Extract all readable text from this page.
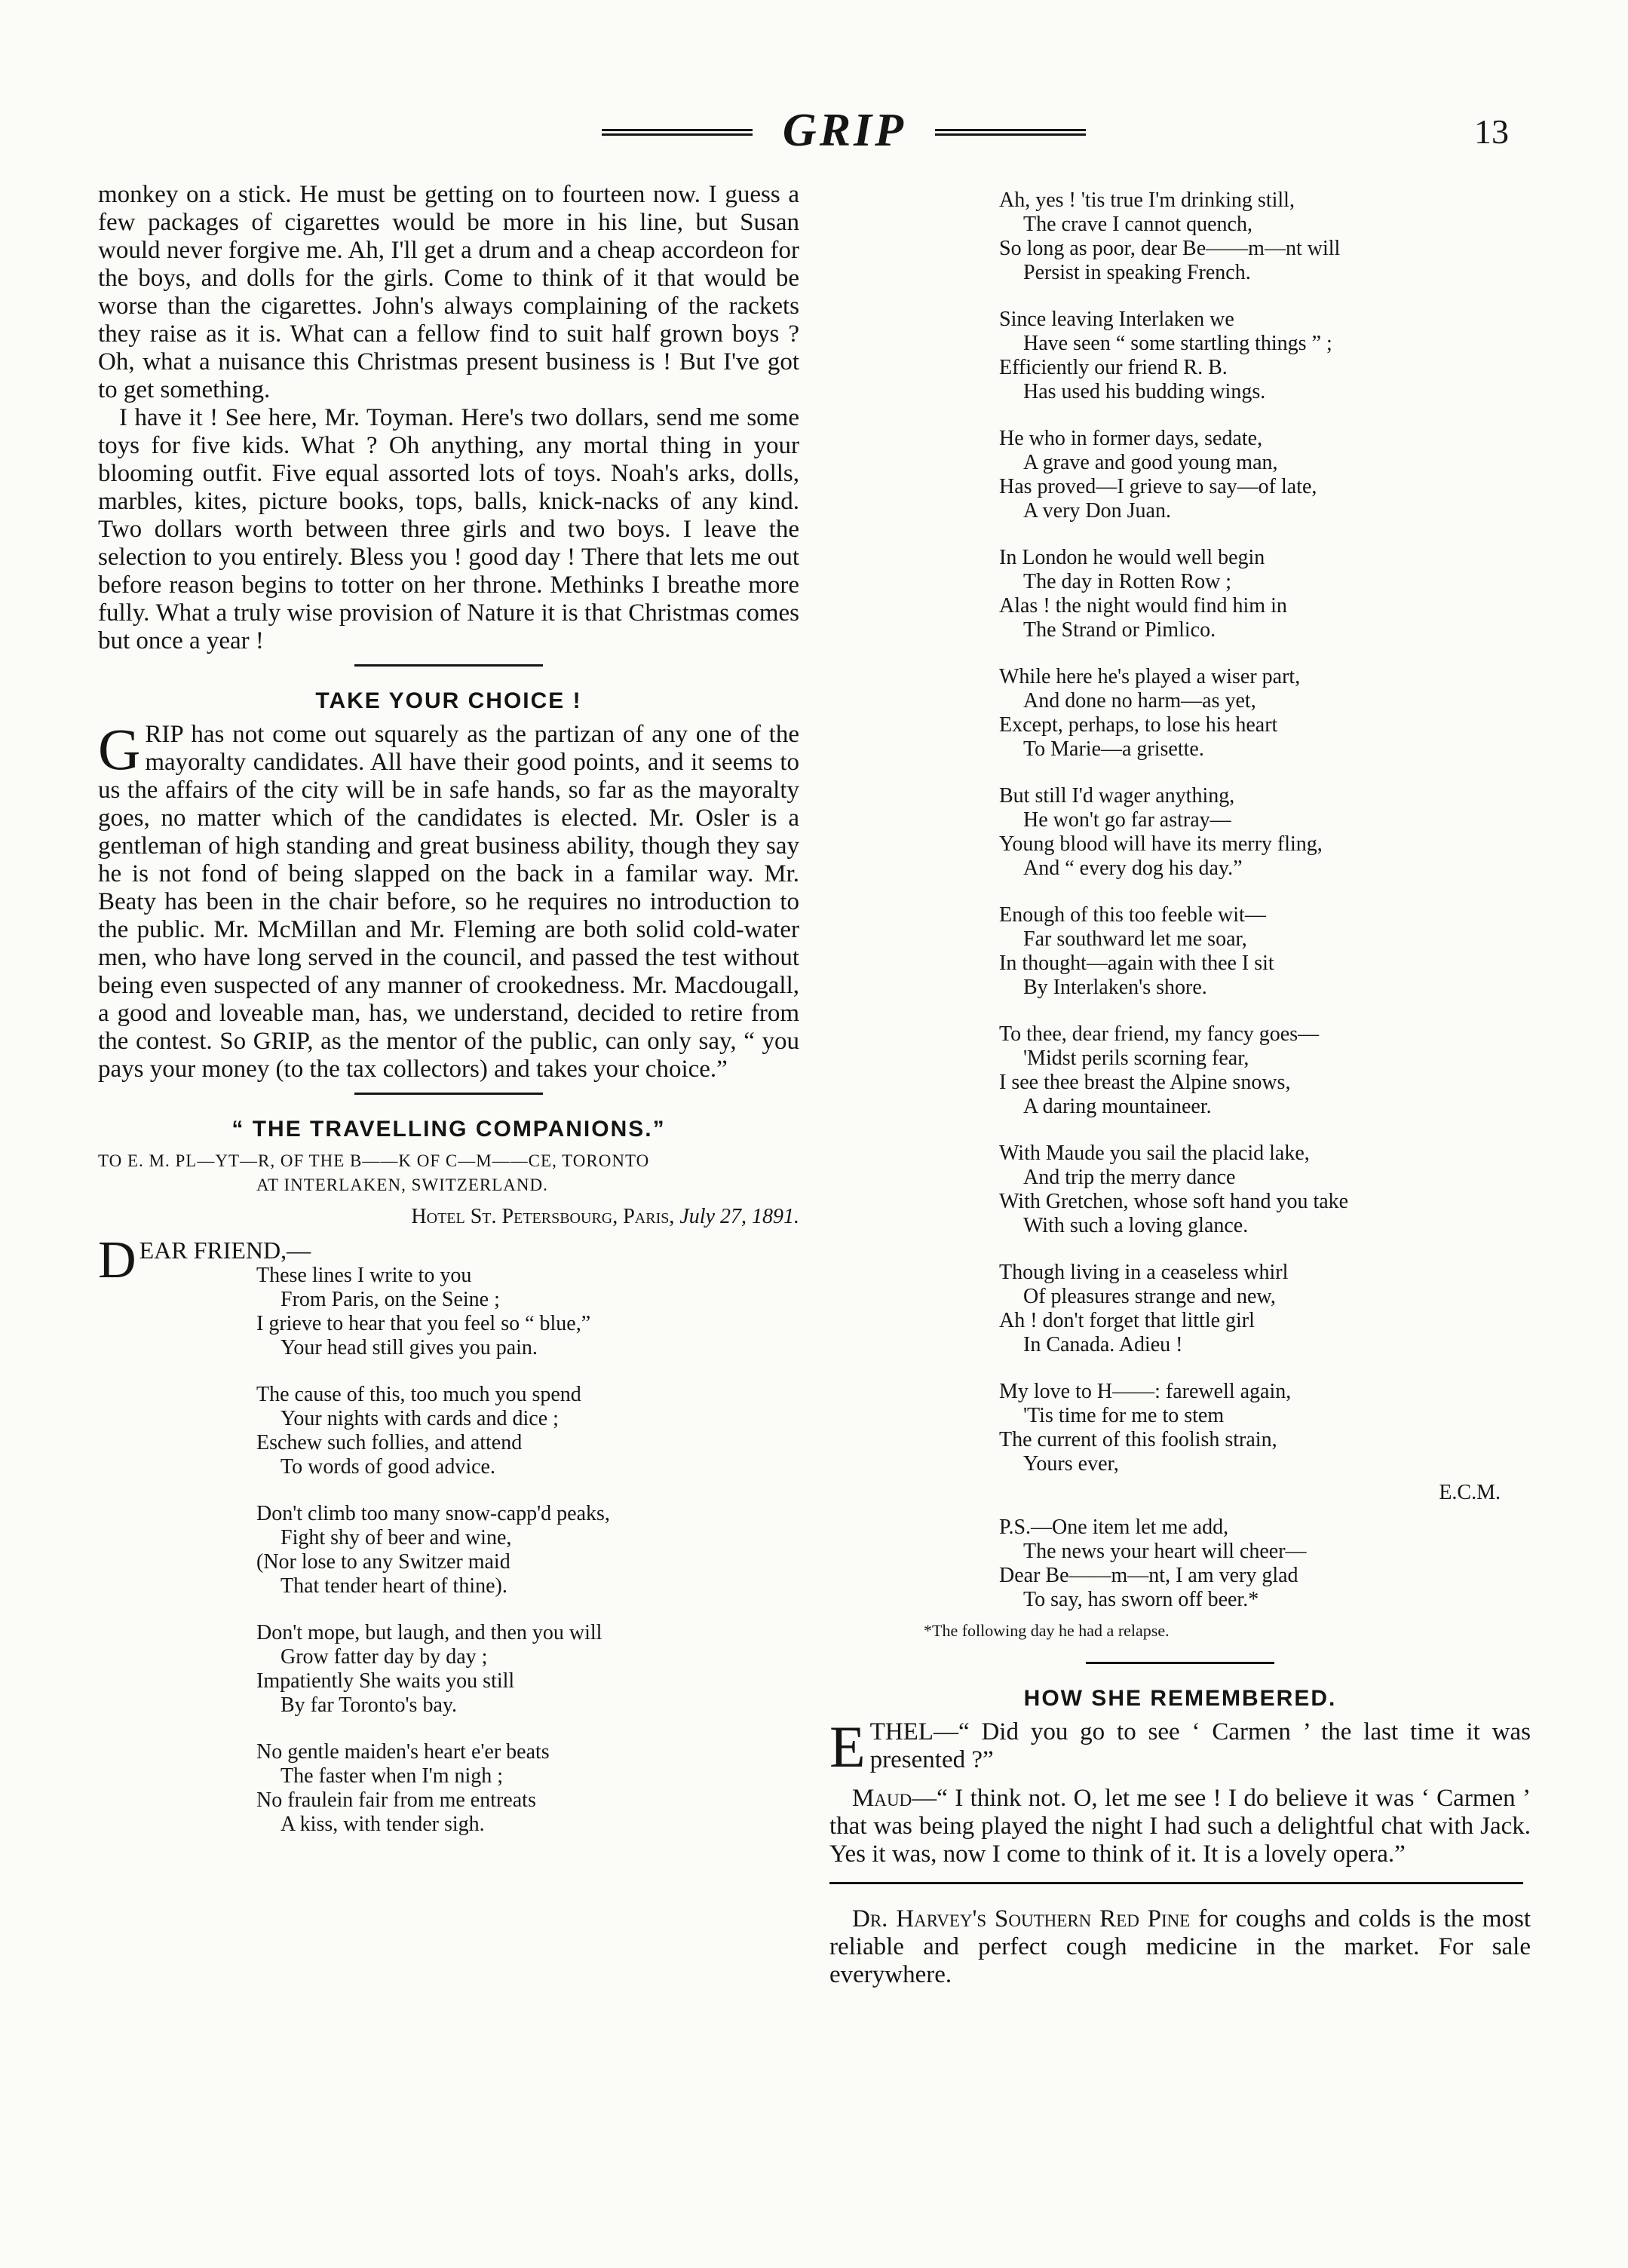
GRIP	13

monkey on a stick. He must be getting on to fourteen now. I guess a few packages of cigarettes would be more in his line, but Susan would never forgive me. Ah, I'll get a drum and a cheap accordeon for the boys, and dolls for the girls. Come to think of it that would be worse than the cigarettes. John's always complaining of the rackets they raise as it is. What can a fellow find to suit half grown boys ? Oh, what a nuisance this Christmas present business is ! But I've got to get something.

I have it ! See here, Mr. Toyman. Here's two dollars, send me some toys for five kids. What ? Oh anything, any mortal thing in your blooming outfit. Five equal assorted lots of toys. Noah's arks, dolls, marbles, kites, picture books, tops, balls, knick-nacks of any kind. Two dollars worth between three girls and two boys. I leave the selection to you entirely. Bless you ! good day ! There that lets me out before reason begins to totter on her throne. Methinks I breathe more fully. What a truly wise provision of Nature it is that Christmas comes but once a year !

TAKE YOUR CHOICE !

GRIP has not come out squarely as the partizan of any one of the mayoralty candidates. All have their good points, and it seems to us the affairs of the city will be in safe hands, so far as the mayoralty goes, no matter which of the candidates is elected. Mr. Osler is a gentleman of high standing and great business ability, though they say he is not fond of being slapped on the back in a familar way. Mr. Beaty has been in the chair before, so he requires no introduction to the public. Mr. McMillan and Mr. Fleming are both solid cold-water men, who have long served in the council, and passed the test without being even suspected of any manner of crookedness. Mr. Macdougall, a good and loveable man, has, we understand, decided to retire from the contest. So GRIP, as the mentor of the public, can only say, “ you pays your money (to the tax collectors) and takes your choice.”

“ THE TRAVELLING COMPANIONS.”
TO E. M. PL—YT—R, OF THE B——K OF C—M——CE, TORONTO
AT INTERLAKEN, SWITZERLAND.
Hotel St. Petersbourg, Paris, July 27, 1891.
DEAR FRIEND,—
These lines I write to you
From Paris, on the Seine ;
I grieve to hear that you feel so “ blue,”
Your head still gives you pain.
The cause of this, too much you spend
Your nights with cards and dice ;
Eschew such follies, and attend
To words of good advice.
Don't climb too many snow-capp'd peaks,
Fight shy of beer and wine,
(Nor lose to any Switzer maid
That tender heart of thine).
Don't mope, but laugh, and then you will
Grow fatter day by day ;
Impatiently She waits you still
By far Toronto's bay.
No gentle maiden's heart e'er beats
The faster when I'm nigh ;
No fraulein fair from me entreats
A kiss, with tender sigh.
Ah, yes ! 'tis true I'm drinking still,
The crave I cannot quench,
So long as poor, dear Be——m—nt will
Persist in speaking French.
Since leaving Interlaken we
Have seen “ some startling things ” ;
Efficiently our friend R. B.
Has used his budding wings.
He who in former days, sedate,
A grave and good young man,
Has proved—I grieve to say—of late,
A very Don Juan.
In London he would well begin
The day in Rotten Row ;
Alas ! the night would find him in
The Strand or Pimlico.
While here he's played a wiser part,
And done no harm—as yet,
Except, perhaps, to lose his heart
To Marie—a grisette.
But still I'd wager anything,
He won't go far astray—
Young blood will have its merry fling,
And “ every dog his day.”
Enough of this too feeble wit—
Far southward let me soar,
In thought—again with thee I sit
By Interlaken's shore.
To thee, dear friend, my fancy goes—
'Midst perils scorning fear,
I see thee breast the Alpine snows,
A daring mountaineer.
With Maude you sail the placid lake,
And trip the merry dance
With Gretchen, whose soft hand you take
With such a loving glance.
Though living in a ceaseless whirl
Of pleasures strange and new,
Ah ! don't forget that little girl
In Canada. Adieu !
My love to H——: farewell again,
'Tis time for me to stem
The current of this foolish strain,
Yours ever,
E.C.M.
P.S.—One item let me add,
The news your heart will cheer—
Dear Be——m—nt, I am very glad
To say, has sworn off beer.*
*The following day he had a relapse.
HOW SHE REMEMBERED.

ETHEL—“ Did you go to see ‘ Carmen ’ the last time it was presented ?”

Maud—“ I think not. O, let me see ! I do believe it was ‘ Carmen ’ that was being played the night I had such a delightful chat with Jack. Yes it was, now I come to think of it. It is a lovely opera.”

Dr. Harvey's Southern Red Pine for coughs and colds is the most reliable and perfect cough medicine in the market. For sale everywhere.
